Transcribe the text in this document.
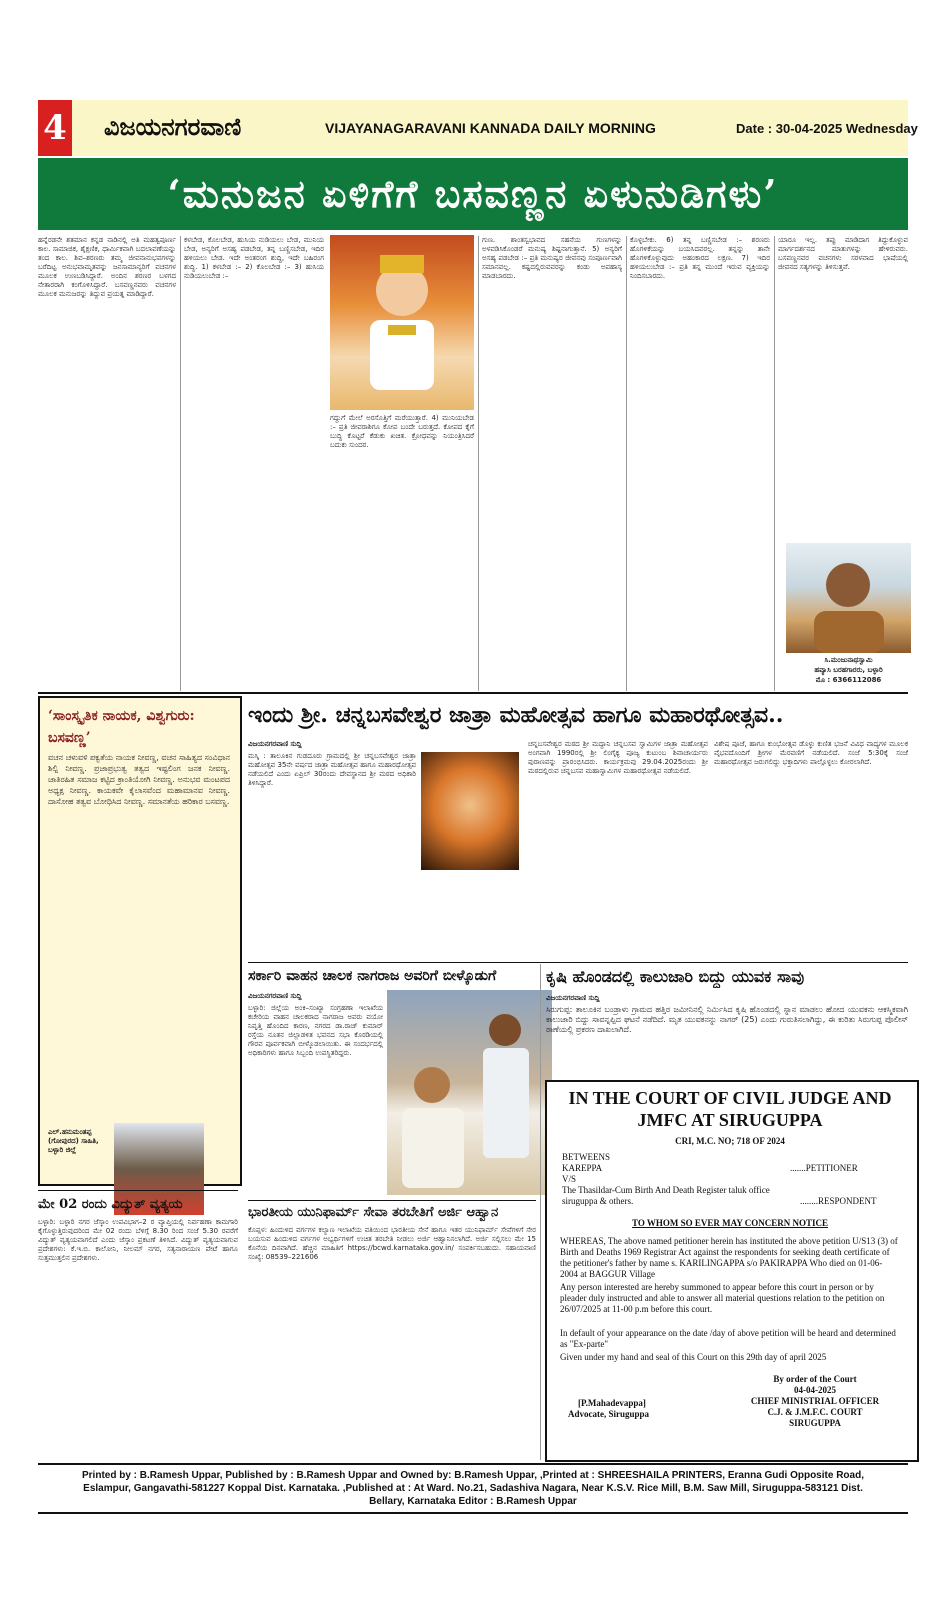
4 ವಿಜಯನಗರವಾಣಿ	VIJAYANAGARAVANI KANNADA DAILY MORNING	Date : 30-04-2025 Wednesday
‘ಮನುಜನ ಏಳಿಗೆಗೆ ಬಸವಣ್ಣನ ಏಳುನುಡಿಗಳು’
ಹನ್ನೆರಡನೇ ಶತಮಾನ ಕನ್ನಡ ನಾಡಿನಲ್ಲಿ ಅತಿ ಮಹತ್ವಪೂರ್ಣ ಕಾಲ. ಸಾಮಾಜಿಕ, ಶೈಕ್ಷಣಿಕ, ಧಾರ್ಮಿಕವಾಗಿ ಬದಲಾವಣೆಯನ್ನು ತಂದ ಕಾಲ. ಶಿವ–ಶರಣರು ತಮ್ಮ ಜೀವನಾನುಭವಗಳನ್ನು ಬರೆದಿಟ್ಟ ಅನುಭವಾಮೃತವನ್ನು ಜನಸಾಮಾನ್ಯರಿಗೆ ವಚನಗಳ ಮೂಲಕ ಉಣಬಡಿಸಿದ್ದಾರೆ. ಅಂದಿನ ಶರಣರ ಬಳಗದ ನೇತಾರರಾಗಿ ಕಂಗೊಳಿಸಿದ್ದಾರೆ. ಬಸವಣ್ಣನವರು ವಚನಗಳ ಮೂಲಕ ಮನುಜರನ್ನು ತಿದ್ದುವ ಪ್ರಯತ್ನ ಮಾಡಿದ್ದಾರೆ.
ಕಳಬೇಡ, ಕೊಲಬೇಡ, ಹುಸಿಯ ನುಡಿಯಲು ಬೇಡ, ಮುನಿಯ ಬೇಡ, ಅನ್ಯರಿಗೆ ಅಸಹ್ಯ ಪಡಬೇಡ, ತನ್ನ ಬಣ್ಣಿಸಬೇಡ, ಇದಿರ ಹಳಿಯಲು ಬೇಡ. ಇದೇ ಅಂತರಂಗ ಶುದ್ಧಿ, ಇದೇ ಬಹಿರಂಗ ಶುದ್ಧಿ. 1) ಕಳಬೇಡ :– 2) ಕೊಲಬೇಡ :– 3) ಹುಸಿಯ ನುಡಿಯಲುಬೇಡ :–
ಗದ್ದುಗೆ ಮೇಲೆ ಅರಸೊತ್ತಿಗೆ ಮರೆಯುತ್ತಾರೆ. 4) ಮುನಿಯಬೇಡ :– ಪ್ರತಿ ಜೀವರಾಶಿಗೂ ಕೋಪ ಬಂದೇ ಬರುತ್ತದೆ. ಕೋಪದ ಕೈಗೆ ಬುದ್ಧಿ ಕೊಟ್ಟರೆ ಕೆಡುಕು ಖಚಿತ. ಕ್ರೋಧವನ್ನು ನಿಯಂತ್ರಿಸಿದರೆ ಬದುಕು ಸುಂದರ.
ಗುಣ. ಶಾಂತಸ್ವಭಾವದ ಸಹನೆಯ ಗುಣಗಳನ್ನು ಅಳವಡಿಸಿಕೊಂಡರೆ ಮನುಷ್ಯ ಶಿಷ್ಟನಾಗುತ್ತಾನೆ. 5) ಅನ್ಯರಿಗೆ ಅಸಹ್ಯ ಪಡಬೇಡ :– ಪ್ರತಿ ಮನುಷ್ಯರ ಜೀವನವು ಸಂಪೂರ್ಣವಾಗಿ ಸಮಾನವಲ್ಲ. ಕಷ್ಟದಲ್ಲಿರುವವರನ್ನು ಕಂಡು ಅಪಹಾಸ್ಯ ಮಾಡಬಾರದು.
ಕೊಳ್ಳಬೇಕು. 6) ತನ್ನ ಬಣ್ಣಿಸಬೇಡ :– ಶರಣರು ಹೊಗಳಿಕೆಯನ್ನು ಬಯಸಿದವರಲ್ಲ. ತನ್ನನ್ನು ತಾನೇ ಹೊಗಳಿಕೊಳ್ಳುವುದು ಅಹಂಕಾರದ ಲಕ್ಷಣ. 7) ಇದಿರ ಹಳಿಯಲುಬೇಡ :– ಪ್ರತಿ ತನ್ನ ಮುಂದೆ ಇರುವ ವ್ಯಕ್ತಿಯನ್ನು ನಿಂದಿಸಬಾರದು.
ಯಾರೂ ಇಲ್ಲ. ತಪ್ಪು ಮಾಡಿದಾಗ ತಿದ್ದುಕೊಳ್ಳುವ ಮಾರ್ಗದರ್ಶನದ ಮಾತುಗಳನ್ನು ಹೇಳಿರುವರು. ಬಸವಣ್ಣನವರ ವಚನಗಳು ಸರಳವಾದ ಭಾಷೆಯಲ್ಲಿ ಜೀವನದ ಸತ್ಯಗಳನ್ನು ತಿಳಿಸುತ್ತವೆ.
ಸಿ.ಮಂಜುನಾಥಸ್ವಾಮಿ
ಹವ್ಯಾಸಿ ಬರಹಗಾರರು, ಬಳ್ಳಾರಿ
ಮೊ : 6366112086
‘ಸಾಂಸ್ಕೃತಿಕ ನಾಯಕ, ವಿಶ್ವಗುರು: ಬಸವಣ್ಣ’
ವಚನ ಚಳುವಳಿ ಪಕ್ವತೆಯ ನಾಯಕ ನೀವಣ್ಣ, ವಚನ ಸಾಹಿತ್ಯದ ಸಂವಿಧಾನ ಶಿಲ್ಪಿ ನೀವಣ್ಣ. ಪ್ರಜಾಪ್ರಭುತ್ವ ತತ್ವದ ಇಷ್ಟಲಿಂಗ ಜನಕ ನೀವಣ್ಣ. ಜಾತಿರಹಿತ ಸಮಾಜ ಕಟ್ಟಿದ ಕ್ರಾಂತಿಯೋಗಿ ನೀವಣ್ಣ. ಅನುಭವ ಮಂಟಪದ ಅಧ್ಯಕ್ಷ ನೀವಣ್ಣ. ಕಾಯಕವೇ ಕೈಲಾಸವೆಂದ ಮಹಾಮಾನವ ನೀವಣ್ಣ. ದಾಸೋಹ ತತ್ವವ ಬೋಧಿಸಿದ ನೀವಣ್ಣ. ಸಮಾನತೆಯ ಹರಿಕಾರ ಬಸವಣ್ಣ.
ಎಲ್.ಹನುಮಂತಪ್ಪ (ಗೋಪುರದ) ಸಾಹಿತಿ, ಬಳ್ಳಾರಿ ಜಿಲ್ಲೆ
ಇಂದು ಶ್ರೀ. ಚನ್ನಬಸವೇಶ್ವರ ಜಾತ್ರಾ ಮಹೋತ್ಸವ ಹಾಗೂ ಮಹಾರಥೋತ್ಸವ..
ವಿಜಯನಗರವಾಣಿ ಸುದ್ದಿ
ಮಸ್ಕಿ : ತಾಲೂಕಿನ ಗುಡದೂರು ಗ್ರಾಮದಲ್ಲಿ ಶ್ರೀ ಚನ್ನಬಸವೇಶ್ವರ ಜಾತ್ರಾ ಮಹೋತ್ಸವ 35ನೇ ವರ್ಷದ ಜಾತ್ರಾ ಮಹೋತ್ಸವ ಹಾಗೂ ಮಹಾರಥೋತ್ಸವ ನಡೆಯಲಿದೆ ಎಂದು ಏಪ್ರಿಲ್ 30ರಂದು ದೇವಸ್ಥಾನದ ಶ್ರೀ ಮಠದ ಅಧಿಕಾರಿ ತಿಳಿಸಿದ್ದಾರೆ.
ಚನ್ನಬಸವೇಶ್ವರ ಮಠದ ಶ್ರೀ ಮದ್ದಾನಿ ಚನ್ನಬಸವ ಸ್ವಾಮಿಗಳ ಜಾತ್ರಾ ಮಹೋತ್ಸವ ಅಂಗವಾಗಿ 1990ರಲ್ಲಿ ಶ್ರೀ ಲಿಂಗೈಕ್ಯ ಪೂಜ್ಯ ಕುಟುಂಬ ಶಿವಾಚಾರ್ಯರು ಪುರಾಣವನ್ನು ಪ್ರಾರಂಭಿಸಿದರು. ಕಾರ್ಯಕ್ರಮವು 29.04.2025ರಂದು ಶ್ರೀ ಮಠದಲ್ಲಿರುವ ಚನ್ನಬಸವ ಮಹಾಸ್ವಾಮಿಗಳ ಮಹಾರಥೋತ್ಸವ ನಡೆಯಲಿದೆ.
ವಿಶೇಷ ಪೂಜೆ, ಹಾಗೂ ಕುಂಭೋತ್ಸವ ಡೊಳ್ಳು ಕುಣಿತ ಭಜನೆ ವಿವಿಧ ವಾದ್ಯಗಳ ಮೂಲಕ ವೈಭವದೊಂದಿಗೆ ಶ್ರೀಗಳ ಮೆರವಣಿಗೆ ನಡೆಯಲಿದೆ. ಸಂಜೆ 5:30ಕ್ಕೆ ಸಂಜೆ ಮಹಾರಥೋತ್ಸವ ಜರುಗಲಿದ್ದು ಭಕ್ತಾದಿಗಳು ಪಾಲ್ಗೊಳ್ಳಲು ಕೋರಲಾಗಿದೆ.
ಸರ್ಕಾರಿ ವಾಹನ ಚಾಲಕ ನಾಗರಾಜ ಅವರಿಗೆ ಬೀಳ್ಕೊಡುಗೆ
ವಿಜಯನಗರವಾಣಿ ಸುದ್ದಿ
ಬಳ್ಳಾರಿ: ಜಿಲ್ಲೆಯ ಅಂಕಿ–ಸಂಖ್ಯಾ ಸಂಗ್ರಹಣಾ ಇಲಾಖೆಯ ಕಚೇರಿಯ ವಾಹನ ಚಾಲಕರಾದ ನಾಗರಾಜ ಅವರು ವಯೋ ನಿವೃತ್ತಿ ಹೊಂದಿದ ಕಾರಣ, ನಗರದ ಡಾ.ರಾಜ್ ಕುಮಾರ್ ರಸ್ತೆಯ ನೂತನ ಜಿಲ್ಲಾಡಳಿತ ಭವನದ ಸಭಾ ಕೊಠಡಿಯಲ್ಲಿ ಗೌರವ ಪೂರ್ವಕವಾಗಿ ಬೀಳ್ಕೊಡಲಾಯಿತು. ಈ ಸಂದರ್ಭದಲ್ಲಿ ಅಧಿಕಾರಿಗಳು ಹಾಗೂ ಸಿಬ್ಬಂದಿ ಉಪಸ್ಥಿತರಿದ್ದರು.
ಕೃಷಿ ಹೊಂಡದಲ್ಲಿ ಕಾಲುಜಾರಿ ಬಿದ್ದು ಯುವಕ ಸಾವು
ವಿಜಯನಗರವಾಣಿ ಸುದ್ದಿ
ಸಿರುಗುಪ್ಪ: ತಾಲೂಕಿನ ಬಂಡ್ರಾಳು ಗ್ರಾಮದ ಹತ್ತಿರ ಜಮೀನಿನಲ್ಲಿ ನಿರ್ಮಿಸಿದ ಕೃಷಿ ಹೊಂಡದಲ್ಲಿ ಸ್ನಾನ ಮಾಡಲು ಹೋದ ಯುವಕನು ಆಕಸ್ಮಿಕವಾಗಿ ಕಾಲುಜಾರಿ ಬಿದ್ದು ಸಾವನ್ನಪ್ಪಿದ ಘಟನೆ ನಡೆದಿದೆ. ಮೃತ ಯುವಕನನ್ನು ನಾಗರ್ (25) ಎಂದು ಗುರುತಿಸಲಾಗಿದ್ದು, ಈ ಕುರಿತು ಸಿರುಗುಪ್ಪ ಪೊಲೀಸ್ ಠಾಣೆಯಲ್ಲಿ ಪ್ರಕರಣ ದಾಖಲಾಗಿದೆ.
ಮೇ 02 ರಂದು ವಿದ್ಯುತ್ ವ್ಯತ್ಯಯ
ಬಳ್ಳಾರಿ: ಬಳ್ಳಾರಿ ನಗರ ಜೆಸ್ಕಾಂ ಉಪವಿಭಾಗ–2 ರ ವ್ಯಾಪ್ತಿಯಲ್ಲಿ ನಿರ್ವಹಣಾ ಕಾಮಗಾರಿ ಕೈಗೊಳ್ಳುತ್ತಿರುವುದರಿಂದ ಮೇ 02 ರಂದು ಬೆಳಿಗ್ಗೆ 8.30 ರಿಂದ ಸಂಜೆ 5.30 ರವರೆಗೆ ವಿದ್ಯುತ್ ವ್ಯತ್ಯಯವಾಗಲಿದೆ ಎಂದು ಜೆಸ್ಕಾಂ ಪ್ರಕಟಣೆ ತಿಳಿಸಿದೆ. ವಿದ್ಯುತ್ ವ್ಯತ್ಯಯವಾಗುವ ಪ್ರದೇಶಗಳು: ಕೆ.ಇ.ಬಿ. ಕಾಲೋನಿ, ನೀಲಮ್ ನಗರ, ಸತ್ಯನಾರಾಯಣ ಪೇಟೆ ಹಾಗೂ ಸುತ್ತಮುತ್ತಲಿನ ಪ್ರದೇಶಗಳು.
ಭಾರತೀಯ ಯುನಿಫಾರ್ಮ್ ಸೇವಾ ತರಬೇತಿಗೆ ಅರ್ಜಿ ಆಹ್ವಾನ
ಕೊಪ್ಪಳ: ಹಿಂದುಳಿದ ವರ್ಗಗಳ ಕಲ್ಯಾಣ ಇಲಾಖೆಯ ವತಿಯಿಂದ ಭಾರತೀಯ ಸೇನೆ ಹಾಗೂ ಇತರ ಯುನಿಫಾರ್ಮ್ ಸೇವೆಗಳಿಗೆ ಸೇರ ಬಯಸುವ ಹಿಂದುಳಿದ ವರ್ಗಗಳ ಅಭ್ಯರ್ಥಿಗಳಿಗೆ ಉಚಿತ ತರಬೇತಿ ನೀಡಲು ಅರ್ಜಿ ಆಹ್ವಾನಿಸಲಾಗಿದೆ. ಅರ್ಜಿ ಸಲ್ಲಿಸಲು ಮೇ 15 ಕೊನೆಯ ದಿನವಾಗಿದೆ. ಹೆಚ್ಚಿನ ಮಾಹಿತಿಗೆ https://bcwd.karnataka.gov.in/ ಸಂಪರ್ಕಿಸಬಹುದು. ಸಹಾಯವಾಣಿ ಸಂಖ್ಯೆ: 08539–221606
IN THE COURT OF CIVIL JUDGE AND JMFC AT SIRUGUPPA
CRI, M.C. NO; 718 OF 2024
BETWEENS
KAREPPA	.......PETITIONER
V/S
The Thasildar-Cum Birth And Death Register taluk office siruguppa & others.	........RESPONDENT
TO WHOM SO EVER MAY CONCERN NOTICE
WHEREAS, The above named petitioner herein has instituted the above petition U/S13 (3) of Birth and Deaths 1969 Registrar Act against the respondents for seeking death certificate of the petitioner's father by name s. KARILINGAPPA s/o PAKIRAPPA Who died on 01-06- 2004 at BAGGUR Village
Any person interested are hereby summoned to appear before this court in person or by pleader duly instructed and able to answer all material questions relation to the petition on 26/07/2025 at 11-00 p.m before this court.
In default of your appearance on the date /day of above petition will be heard and determined as "Ex-parte"
Given under my hand and seal of this Court on this 29th day of april 2025
[P.Mahadevappa]
Advocate, Siruguppa
By order of the Court
04-04-2025
CHIEF MINISTRIAL OFFICER
C.J. & J.M.F.C. COURT
SIRUGUPPA
Printed by : B.Ramesh Uppar, Published by : B.Ramesh Uppar and Owned by: B.Ramesh Uppar, ,Printed at : SHREESHAILA PRINTERS, Eranna Gudi Opposite Road,
Eslampur, Gangavathi-581227 Koppal Dist. Karnataka. ,Published at : At Ward. No.21, Sadashiva Nagara, Near K.S.V. Rice Mill, B.M. Saw Mill, Siruguppa-583121 Dist.
Bellary, Karnataka Editor : B.Ramesh Uppar
